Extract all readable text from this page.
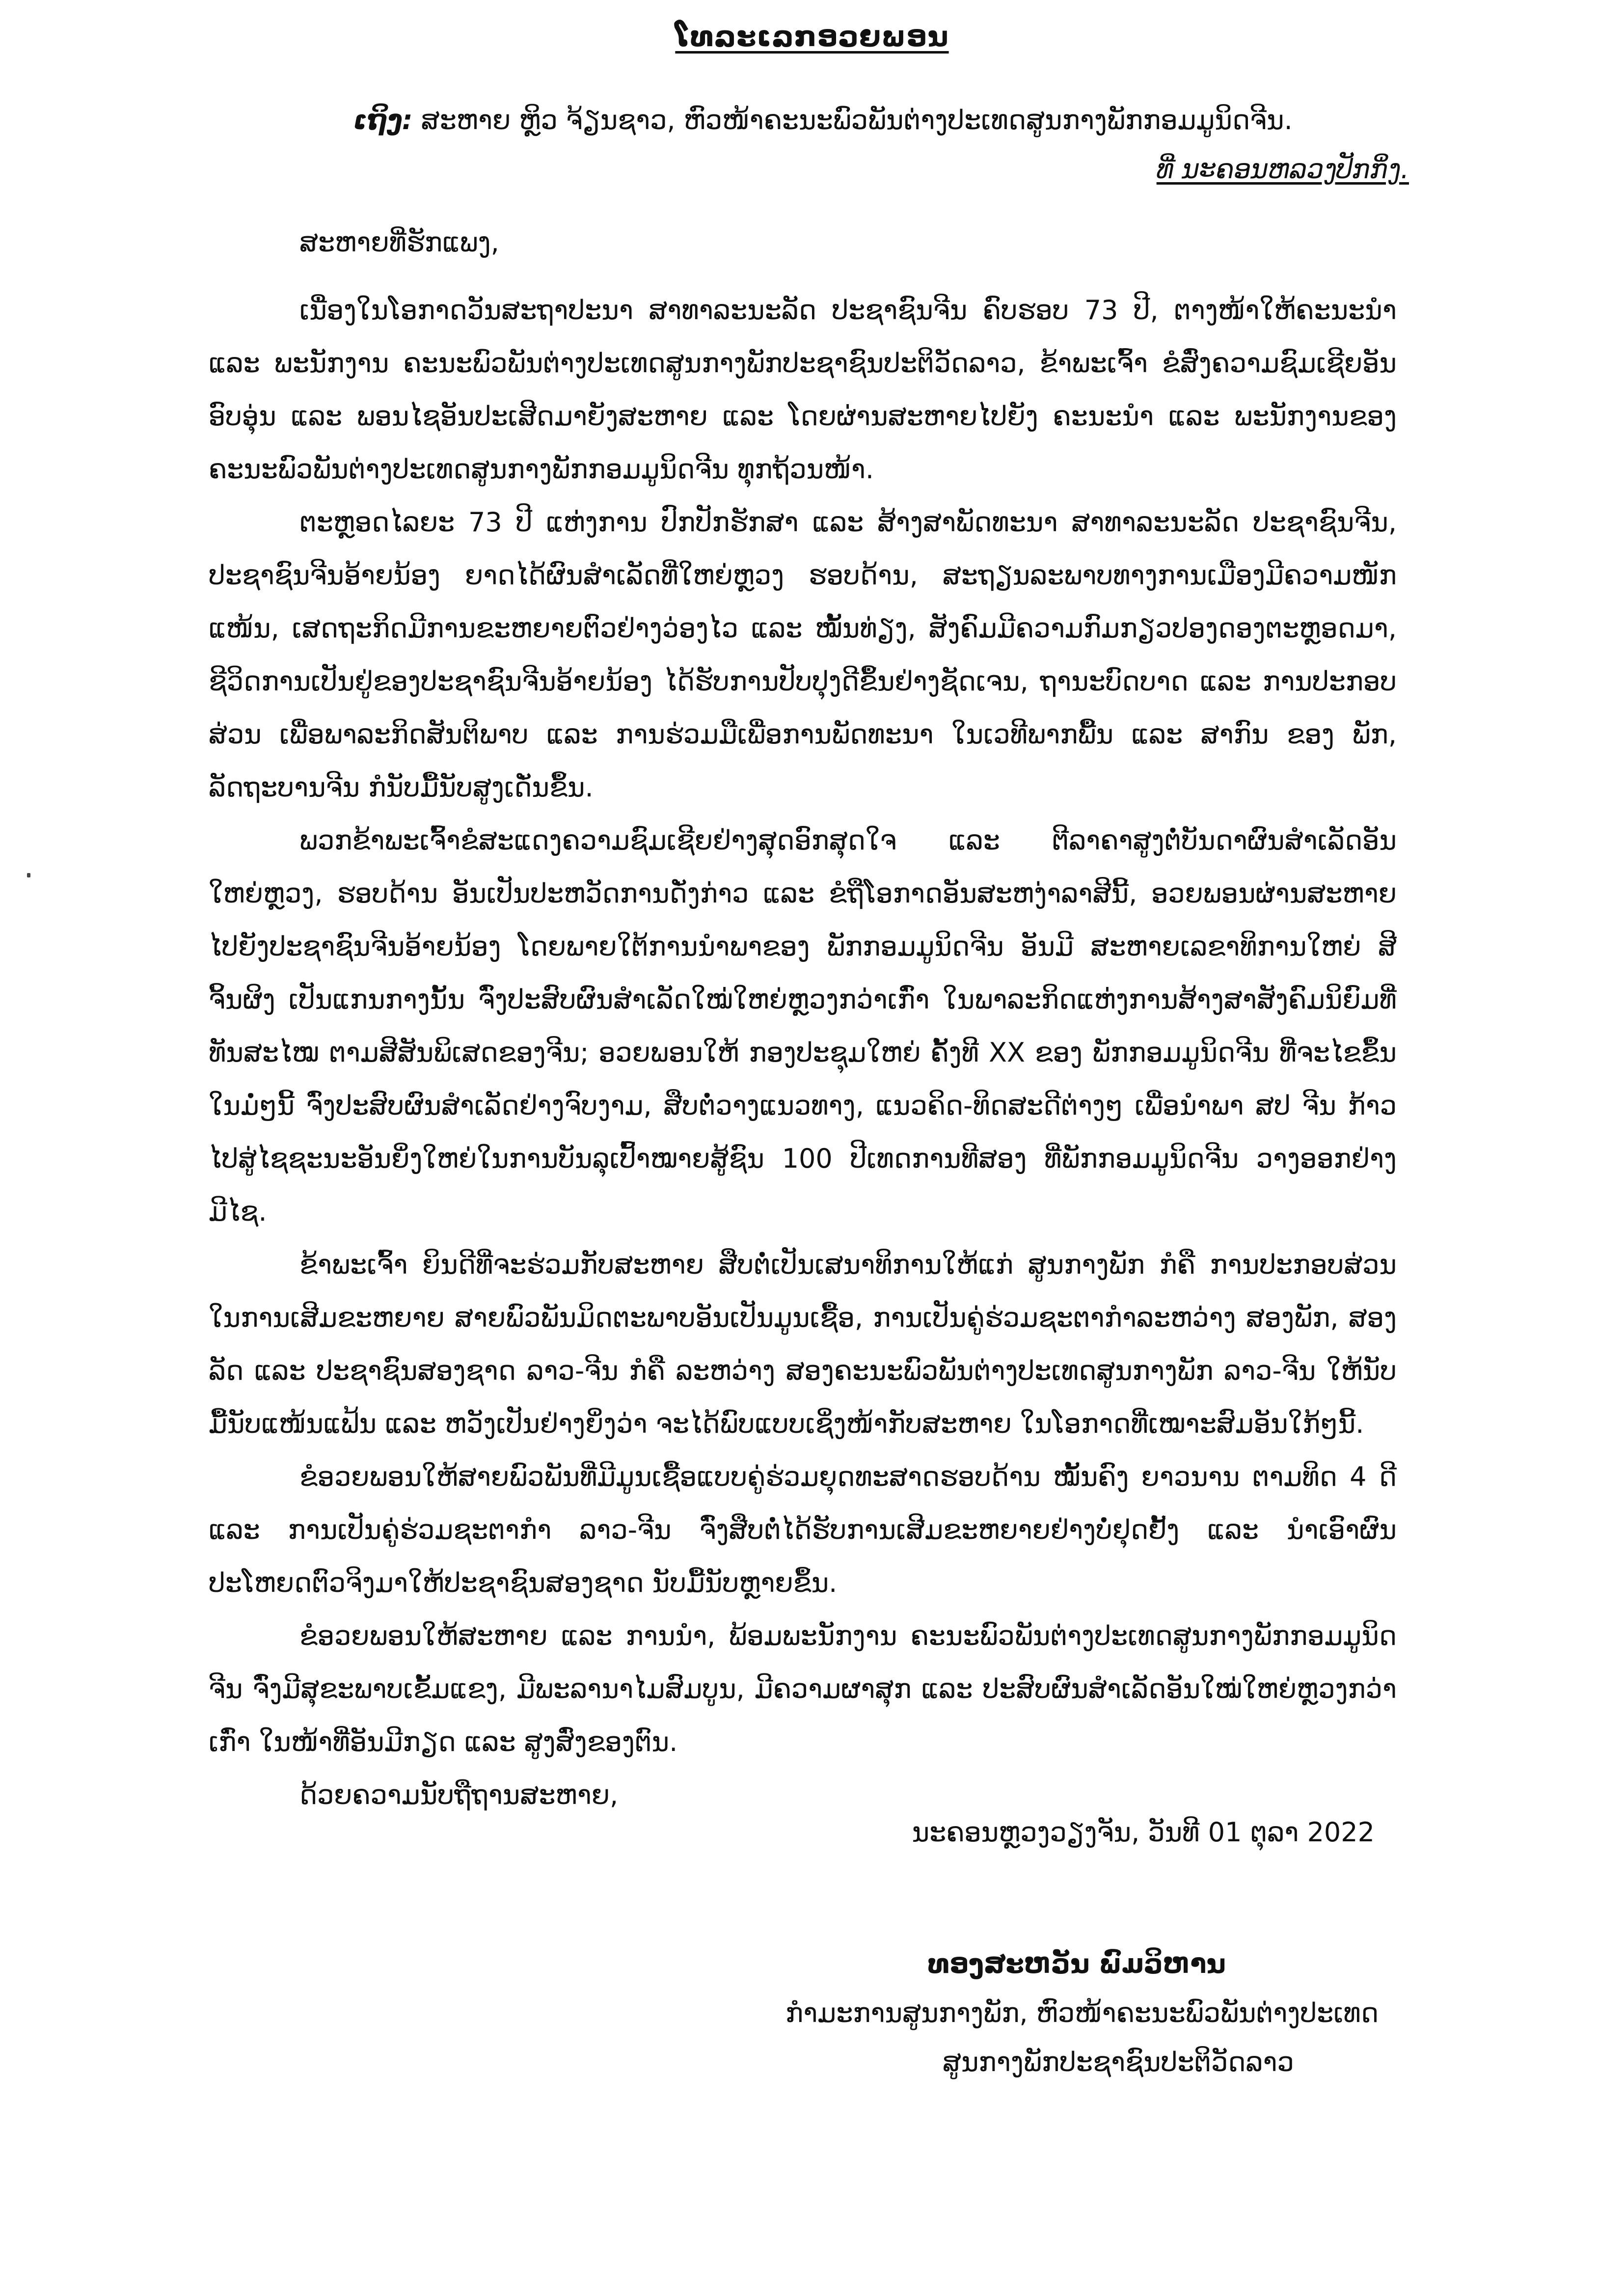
ໂທລະເລກອວຍພອນ
ເຖິງ: ສະຫາຍ ຫຼິວ ຈ້ຽນຊາວ, ຫົວໜ້າຄະນະພົວພັນຕ່າງປະເທດສູນກາງພັກກອມມູນິດຈີນ.
ທີ່ ນະຄອນຫລວງປັກກິ່ງ.

ສະຫາຍທີ່ຮັກແພງ,

ເນື່ອງໃນໂອກາດວັນສະຖາປະນາ ສາທາລະນະລັດ ປະຊາຊົນຈີນ ຄົບຮອບ 73 ປີ, ຕາງໜ້າໃຫ້ຄະນະນຳ ແລະ ພະນັກງານ ຄະນະພົວພັນຕ່າງປະເທດສູນກາງພັກປະຊາຊົນປະຕິວັດລາວ, ຂ້າພະເຈົ້າ ຂໍສົ່ງຄວາມຊົມເຊີຍອັນອົບອຸ່ນ ແລະ ພອນໄຊອັນປະເສີດມາຍັງສະຫາຍ ແລະ ໂດຍຜ່ານສະຫາຍໄປຍັງ ຄະນະນຳ ແລະ ພະນັກງານຂອງ ຄະນະພົວພັນຕ່າງປະເທດສູນກາງພັກກອມມູນິດຈີນ ທຸກຖ້ວນໜ້າ.

ຕະຫຼອດໄລຍະ 73 ປີ ແຫ່ງການ ປົກປັກຮັກສາ ແລະ ສ້າງສາພັດທະນາ ສາທາລະນະລັດ ປະຊາຊົນຈີນ, ປະຊາຊົນຈີນອ້າຍນ້ອງ ຍາດໄດ້ຜົນສຳເລັດທີ່ໃຫຍ່ຫຼວງ ຮອບດ້ານ, ສະຖຽນລະພາບທາງການເມືອງມີຄວາມໜັກແໜ້ນ, ເສດຖະກິດມີການຂະຫຍາຍຕົວຢ່າງວ່ອງໄວ ແລະ ໝັ້ນທ່ຽງ, ສັງຄົມມີຄວາມກົມກຽວປອງດອງຕະຫຼອດມາ, ຊີວິດການເປັນຢູ່ຂອງປະຊາຊົນຈີນອ້າຍນ້ອງ ໄດ້ຮັບການປັບປຸງດີຂຶ້ນຢ່າງຊັດເຈນ, ຖານະບົດບາດ ແລະ ການປະກອບສ່ວນ ເພື່ອພາລະກິດສັນຕິພາບ ແລະ ການຮ່ວມມືເພື່ອການພັດທະນາ ໃນເວທີພາກພື້ນ ແລະ ສາກົນ ຂອງ ພັກ, ລັດຖະບານຈີນ ກໍນັບມື້ນັບສູງເດັ່ນຂຶ້ນ.

ພວກຂ້າພະເຈົ້າຂໍສະແດງຄວາມຊົມເຊີຍຢ່າງສຸດອົກສຸດໃຈ ແລະ ຕີລາຄາສູງຕໍ່ບັນດາຜົນສຳເລັດອັນໃຫຍ່ຫຼວງ, ຮອບດ້ານ ອັນເປັນປະຫວັດການດັ່ງກ່າວ ແລະ ຂໍຖືໂອກາດອັນສະຫງ່າລາສີນີ້, ອວຍພອນຜ່ານສະຫາຍ ໄປຍັງປະຊາຊົນຈີນອ້າຍນ້ອງ ໂດຍພາຍໃຕ້ການນຳພາຂອງ ພັກກອມມູນິດຈີນ ອັນມີ ສະຫາຍເລຂາທິການໃຫຍ່ ສີ ຈິ້ນຜິງ ເປັນແກນກາງນັ້ນ ຈົ່ງປະສົບຜົນສຳເລັດໃໝ່ໃຫຍ່ຫຼວງກວ່າເກົ່າ ໃນພາລະກິດແຫ່ງການສ້າງສາສັງຄົມນິຍົມທີ່ທັນສະໄໝ ຕາມສີສັນພິເສດຂອງຈີນ; ອວຍພອນໃຫ້ ກອງປະຊຸມໃຫຍ່ ຄັ້ງທີ XX ຂອງ ພັກກອມມູນິດຈີນ ທີ່ຈະໄຂຂຶ້ນໃນມໍ່ໆນີ້ ຈົ່ງປະສົບຜົນສຳເລັດຢ່າງຈົບງາມ, ສືບຕໍ່ວາງແນວທາງ, ແນວຄິດ-ທິດສະດີຕ່າງໆ ເພື່ອນຳພາ ສປ ຈີນ ກ້າວໄປສູ່ໄຊຊະນະອັນຍິ່ງໃຫຍ່ໃນການບັນລຸເປົ້າໝາຍສູ້ຊົນ 100 ປີເທດການທີສອງ ທີ່ພັກກອມມູນິດຈີນ ວາງອອກຢ່າງມີໄຊ.

ຂ້າພະເຈົ້າ ຍິນດີທີ່ຈະຮ່ວມກັບສະຫາຍ ສືບຕໍ່ເປັນເສນາທິການໃຫ້ແກ່ ສູນກາງພັກ ກໍຄື ການປະກອບສ່ວນໃນການເສີມຂະຫຍາຍ ສາຍພົວພັນມິດຕະພາບອັນເປັນມູນເຊື້ອ, ການເປັນຄູ່ຮ່ວມຊະຕາກຳລະຫວ່າງ ສອງພັກ, ສອງລັດ ແລະ ປະຊາຊົນສອງຊາດ ລາວ-ຈີນ ກໍຄື ລະຫວ່າງ ສອງຄະນະພົວພັນຕ່າງປະເທດສູນກາງພັກ ລາວ-ຈີນ ໃຫ້ນັບມື້ນັບແໜ້ນແຟ້ນ ແລະ ຫວັງເປັນຢ່າງຍິ່ງວ່າ ຈະໄດ້ພົບແບບເຊິ່ງໜ້າກັບສະຫາຍ ໃນໂອກາດທີ່ເໝາະສົມອັນໃກ້ໆນີ້.

ຂໍອວຍພອນໃຫ້ສາຍພົວພັນທີ່ມີມູນເຊື້ອແບບຄູ່ຮ່ວມຍຸດທະສາດຮອບດ້ານ ໝັ້ນຄົງ ຍາວນານ ຕາມທິດ 4 ດີ ແລະ ການເປັນຄູ່ຮ່ວມຊະຕາກຳ ລາວ-ຈີນ ຈົ່ງສືບຕໍ່ໄດ້ຮັບການເສີມຂະຫຍາຍຢ່າງບໍ່ຢຸດຢັ້ງ ແລະ ນຳເອົາຜົນປະໂຫຍດຕົວຈິງມາໃຫ້ປະຊາຊົນສອງຊາດ ນັບມື້ນັບຫຼາຍຂຶ້ນ.

ຂໍອວຍພອນໃຫ້ສະຫາຍ ແລະ ການນຳ, ພ້ອມພະນັກງານ ຄະນະພົວພັນຕ່າງປະເທດສູນກາງພັກກອມມູນິດຈີນ ຈົ່ງມີສຸຂະພາບເຂັ້ມແຂງ, ມີພະລານາໄມສົມບູນ, ມີຄວາມຜາສຸກ ແລະ ປະສົບຜົນສຳເລັດອັນໃໝ່ໃຫຍ່ຫຼວງກວ່າເກົ່າ ໃນໜ້າທີ່ອັນມີກຽດ ແລະ ສູງສົ່ງຂອງຕົນ.

ດ້ວຍຄວາມນັບຖືຖານສະຫາຍ,

ນະຄອນຫຼວງວຽງຈັນ, ວັນທີ 01 ຕຸລາ 2022
ທອງສະຫວັນ ພົມວິຫານ
ກຳມະການສູນກາງພັກ, ຫົວໜ້າຄະນະພົວພັນຕ່າງປະເທດ
ສູນກາງພັກປະຊາຊົນປະຕິວັດລາວ
